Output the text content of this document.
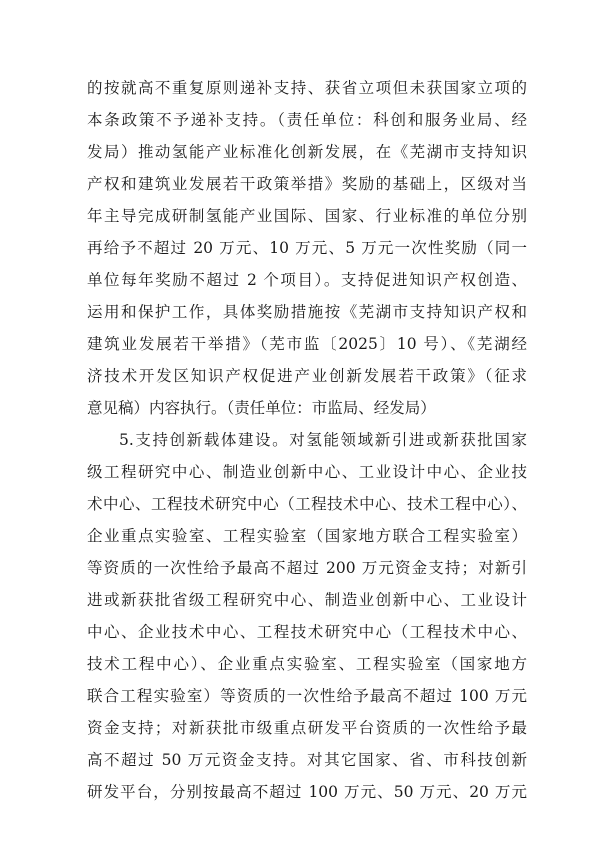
的按就高不重复原则递补支持、获省立项但未获国家立项的
本条政策不予递补支持。（责任单位：科创和服务业局、经
发局）推动氢能产业标准化创新发展，在《芜湖市支持知识
产权和建筑业发展若干政策举措》奖励的基础上，区级对当
年主导完成研制氢能产业国际、国家、行业标准的单位分别
再给予不超过 20 万元、10 万元、5 万元一次性奖励（同一
单位每年奖励不超过 2 个项目）。支持促进知识产权创造、
运用和保护工作，具体奖励措施按《芜湖市支持知识产权和
建筑业发展若干举措》（芜市监〔2025〕10 号）、《芜湖经
济技术开发区知识产权促进产业创新发展若干政策》（征求
意见稿）内容执行。（责任单位：市监局、经发局）
5.支持创新载体建设。对氢能领域新引进或新获批国家
级工程研究中心、制造业创新中心、工业设计中心、企业技
术中心、工程技术研究中心（工程技术中心、技术工程中心）、
企业重点实验室、工程实验室（国家地方联合工程实验室）
等资质的一次性给予最高不超过 200 万元资金支持；对新引
进或新获批省级工程研究中心、制造业创新中心、工业设计
中心、企业技术中心、工程技术研究中心（工程技术中心、
技术工程中心）、企业重点实验室、工程实验室（国家地方
联合工程实验室）等资质的一次性给予最高不超过 100 万元
资金支持；对新获批市级重点研发平台资质的一次性给予最
高不超过 50 万元资金支持。对其它国家、省、市科技创新
研发平台，分别按最高不超过 100 万元、50 万元、20 万元
